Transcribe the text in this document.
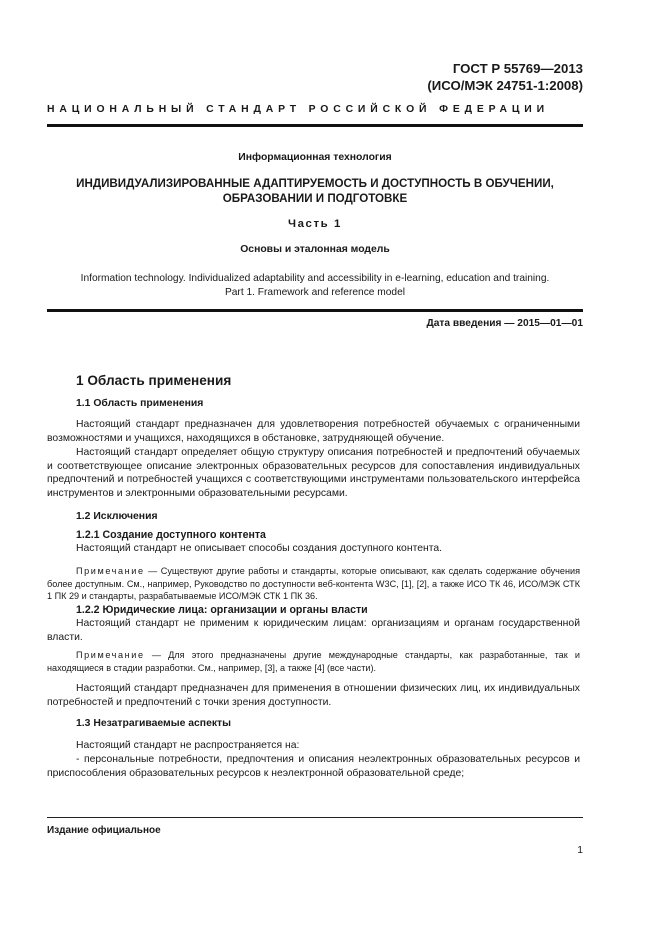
ГОСТ Р 55769—2013
(ИСО/МЭК 24751-1:2008)
НАЦИОНАЛЬНЫЙ СТАНДАРТ РОССИЙСКОЙ ФЕДЕРАЦИИ
Информационная технология
ИНДИВИДУАЛИЗИРОВАННЫЕ АДАПТИРУЕМОСТЬ И ДОСТУПНОСТЬ В ОБУЧЕНИИ,
ОБРАЗОВАНИИ И ПОДГОТОВКЕ
Часть 1
Основы и эталонная модель
Information technology. Individualized adaptability and accessibility in e-learning, education and training.
Part 1. Framework and reference model
Дата введения — 2015—01—01
1 Область применения
1.1 Область применения
Настоящий стандарт предназначен для удовлетворения потребностей обучаемых с ограниченными возможностями и учащихся, находящихся в обстановке, затрудняющей обучение.
Настоящий стандарт определяет общую структуру описания потребностей и предпочтений обучаемых и соответствующее описание электронных образовательных ресурсов для сопоставления индивидуальных предпочтений и потребностей учащихся с соответствующими инструментами пользовательского интерфейса инструментов и электронными образовательными ресурсами.
1.2 Исключения
1.2.1 Создание доступного контента
Настоящий стандарт не описывает способы создания доступного контента.
Примечание — Существуют другие работы и стандарты, которые описывают, как сделать содержание обучения более доступным. См., например, Руководство по доступности веб-контента W3C, [1], [2], а также ИСО ТК 46, ИСО/МЭК СТК 1 ПК 29 и стандарты, разрабатываемые ИСО/МЭК СТК 1 ПК 36.
1.2.2 Юридические лица: организации и органы власти
Настоящий стандарт не применим к юридическим лицам: организациям и органам государственной власти.
Примечание — Для этого предназначены другие международные стандарты, как разработанные, так и находящиеся в стадии разработки. См., например, [3], а также [4] (все части).
Настоящий стандарт предназначен для применения в отношении физических лиц, их индивидуальных потребностей и предпочтений с точки зрения доступности.
1.3 Незатрагиваемые аспекты
Настоящий стандарт не распространяется на:
- персональные потребности, предпочтения и описания неэлектронных образовательных ресурсов и приспособления образовательных ресурсов к неэлектронной образовательной среде;
Издание официальное
1
